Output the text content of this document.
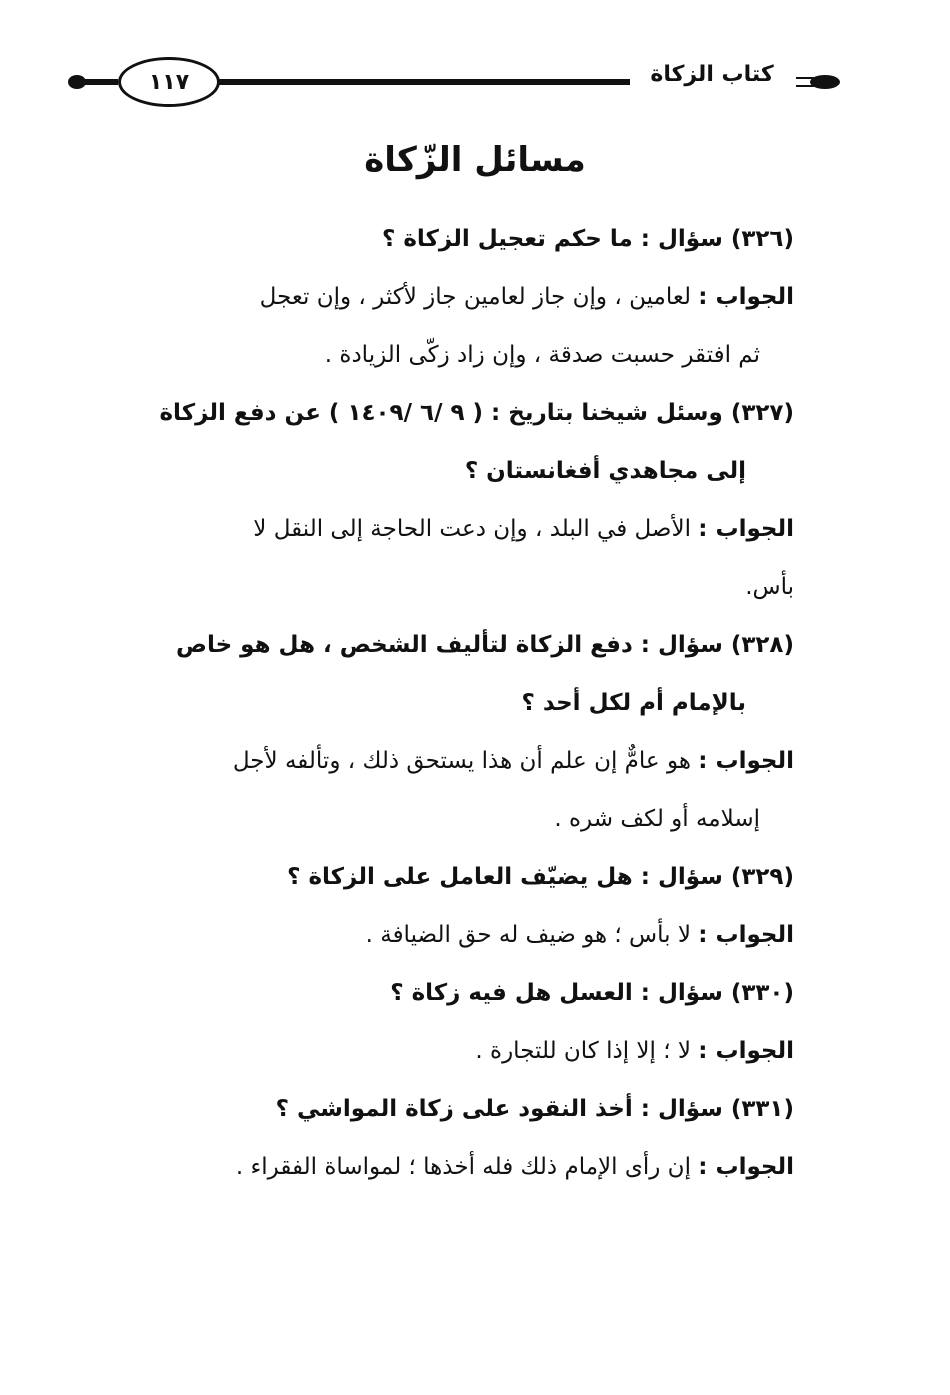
١١٧	كتاب الزكاة
مسائل الزّكاة

(٣٢٦) سؤال : ما حكم تعجيل الزكاة ؟

الجواب : لعامين ، وإن جاز لعامين جاز لأكثر ، وإن تعجل
ثم افتقر حسبت صدقة ، وإن زاد زكّى الزيادة .

(٣٢٧) وسئل شيخنا بتاريخ : ( ٩ /٦ /١٤٠٩ ) عن دفع الزكاة
إلى مجاهدي أفغانستان ؟

الجواب : الأصل في البلد ، وإن دعت الحاجة إلى النقل لا
بأس.

(٣٢٨) سؤال : دفع الزكاة لتأليف الشخص ، هل هو خاص
بالإمام أم لكل أحد ؟

الجواب : هو عامٌّ إن علم أن هذا يستحق ذلك ، وتألفه لأجل
إسلامه أو لكف شره .

(٣٢٩) سؤال : هل يضيّف العامل على الزكاة ؟

الجواب : لا بأس ؛ هو ضيف له حق الضيافة .

(٣٣٠) سؤال : العسل هل فيه زكاة ؟

الجواب : لا ؛ إلا إذا كان للتجارة .

(٣٣١) سؤال : أخذ النقود على زكاة المواشي ؟

الجواب : إن رأى الإمام ذلك فله أخذها ؛ لمواساة الفقراء .
